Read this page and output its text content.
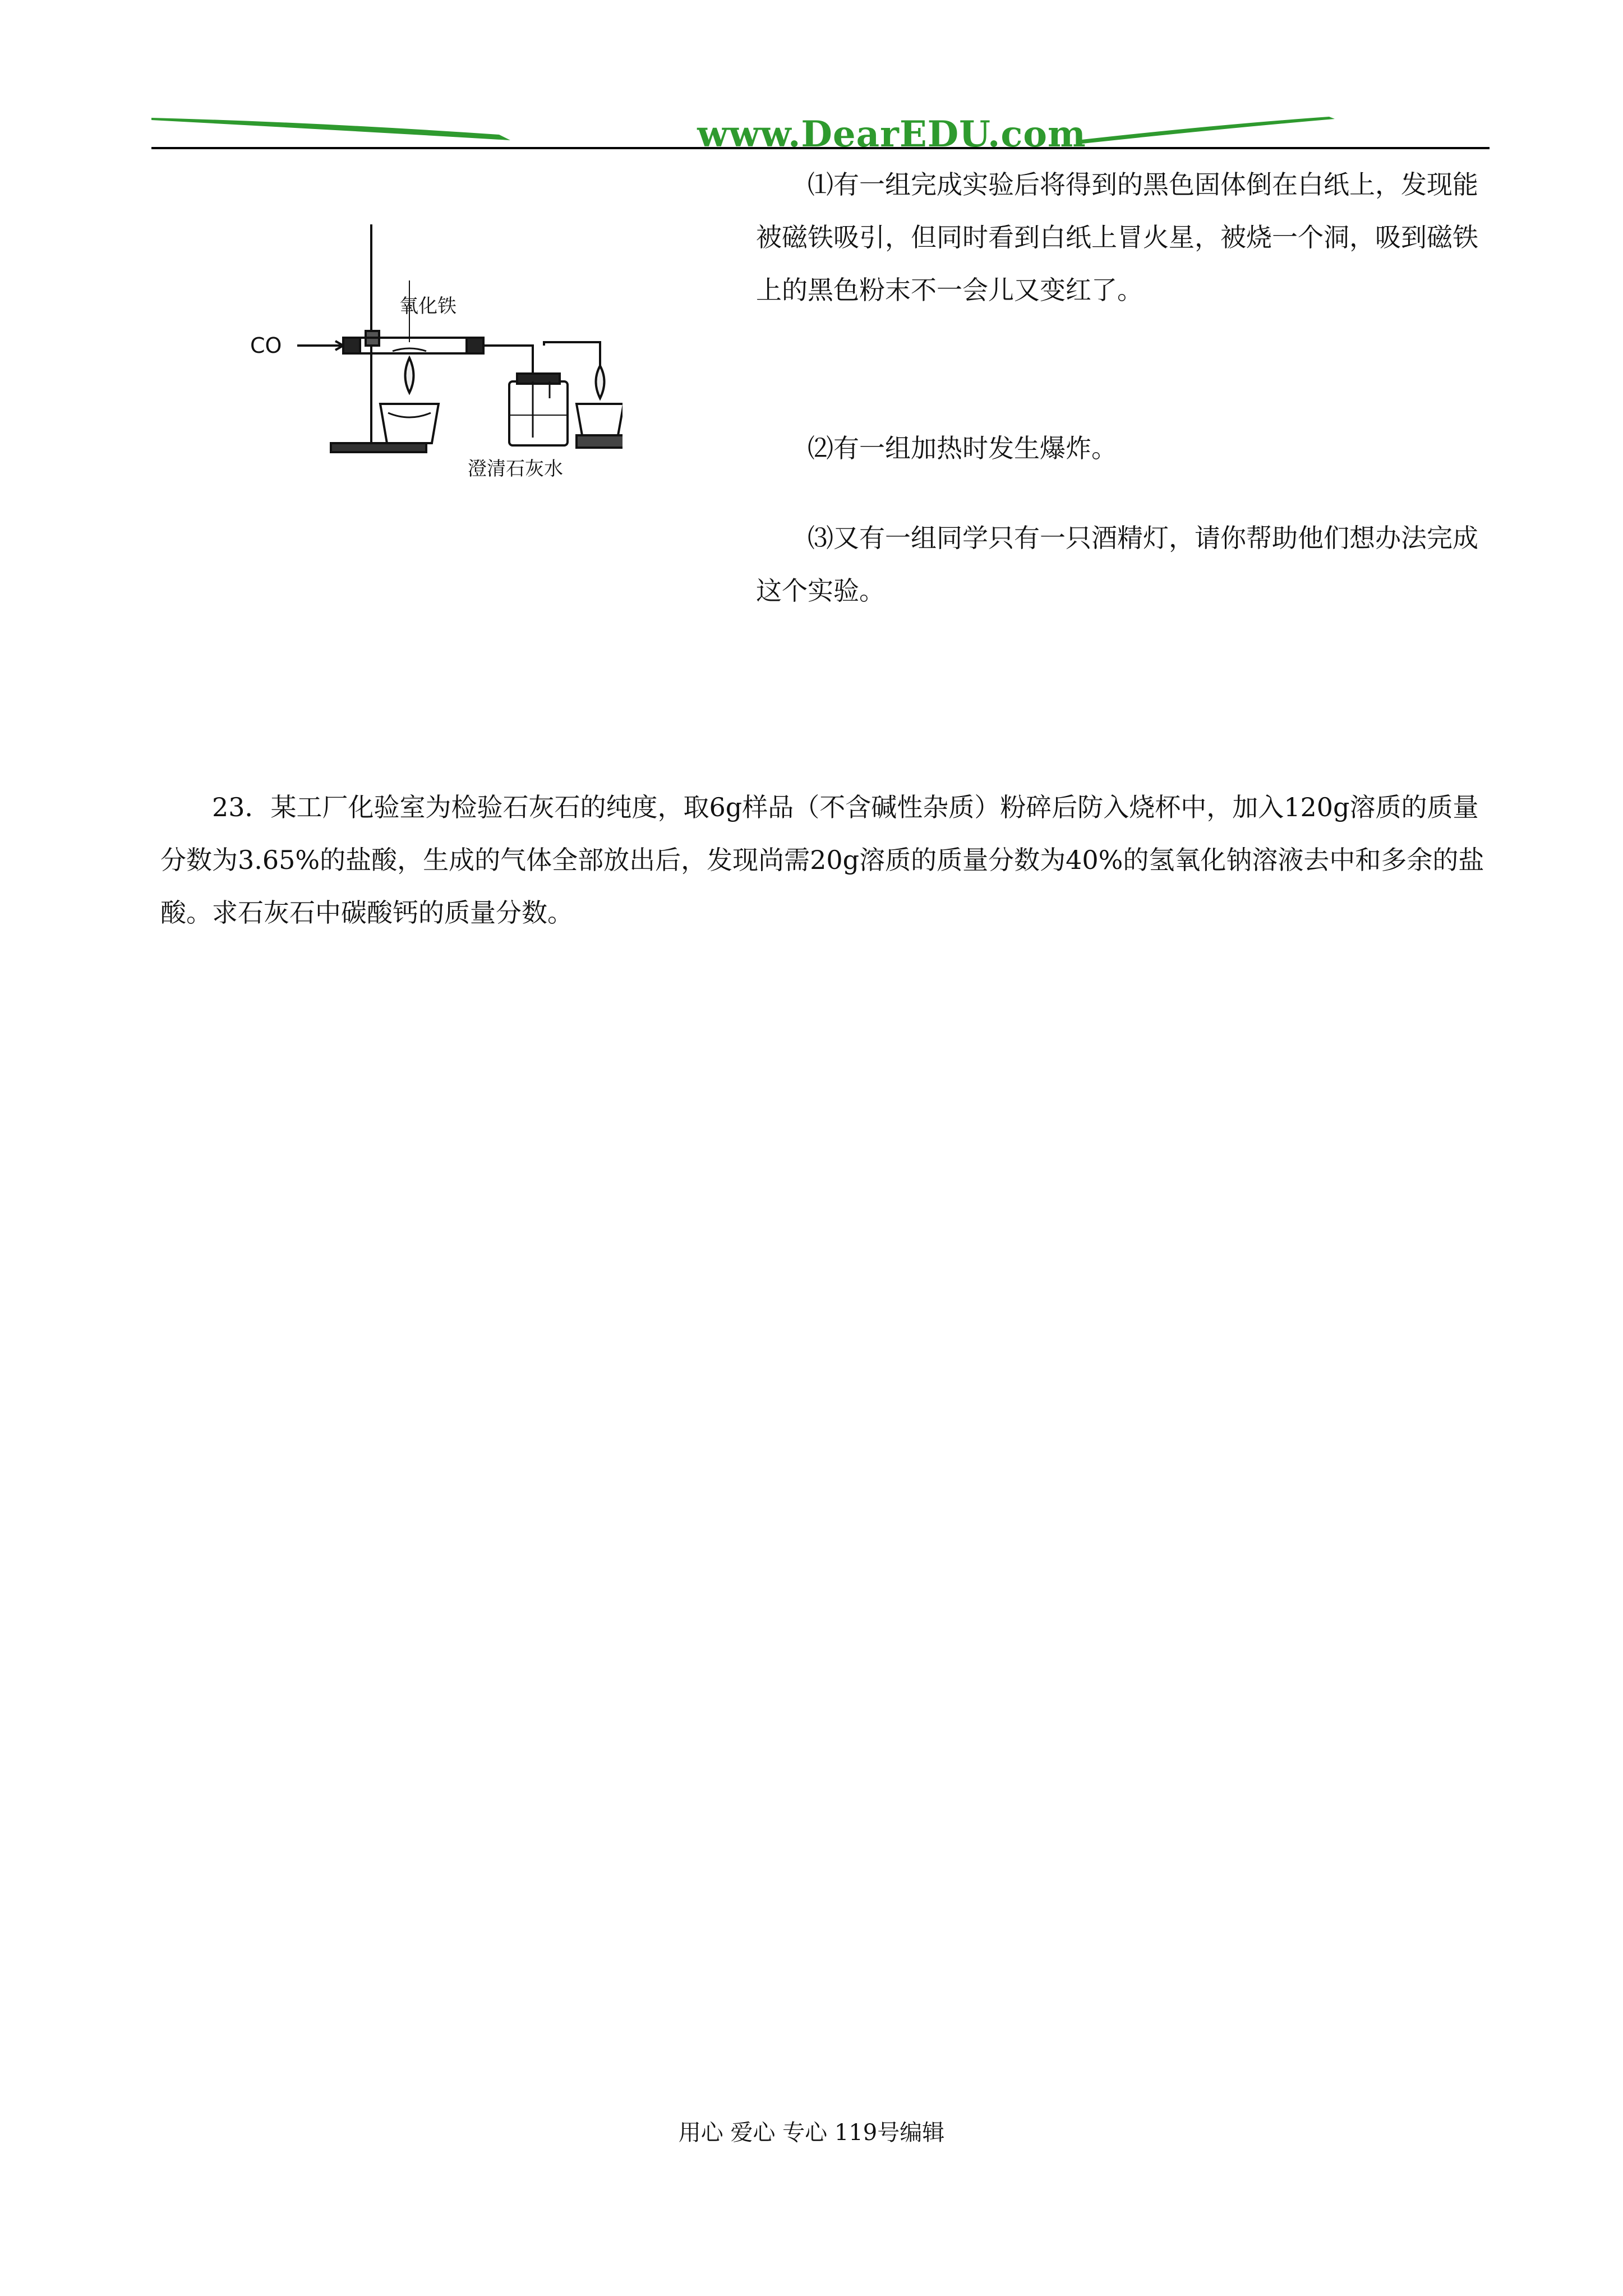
www.DearEDU.com
氧化铁
CO
澄清石灰水
⑴有一组完成实验后将得到的黑色固体倒在白纸上，发现能被磁铁吸引，但同时看到白纸上冒火星，被烧一个洞，吸到磁铁上的黑色粉末不一会儿又变红了。
⑵有一组加热时发生爆炸。
⑶又有一组同学只有一只酒精灯，请你帮助他们想办法完成这个实验。
23．某工厂化验室为检验石灰石的纯度，取6g样品（不含碱性杂质）粉碎后防入烧杯中，加入120g溶质的质量分数为3.65%的盐酸，生成的气体全部放出后，发现尚需20g溶质的质量分数为40%的氢氧化钠溶液去中和多余的盐酸。求石灰石中碳酸钙的质量分数。
用心 爱心 专心 119号编辑
